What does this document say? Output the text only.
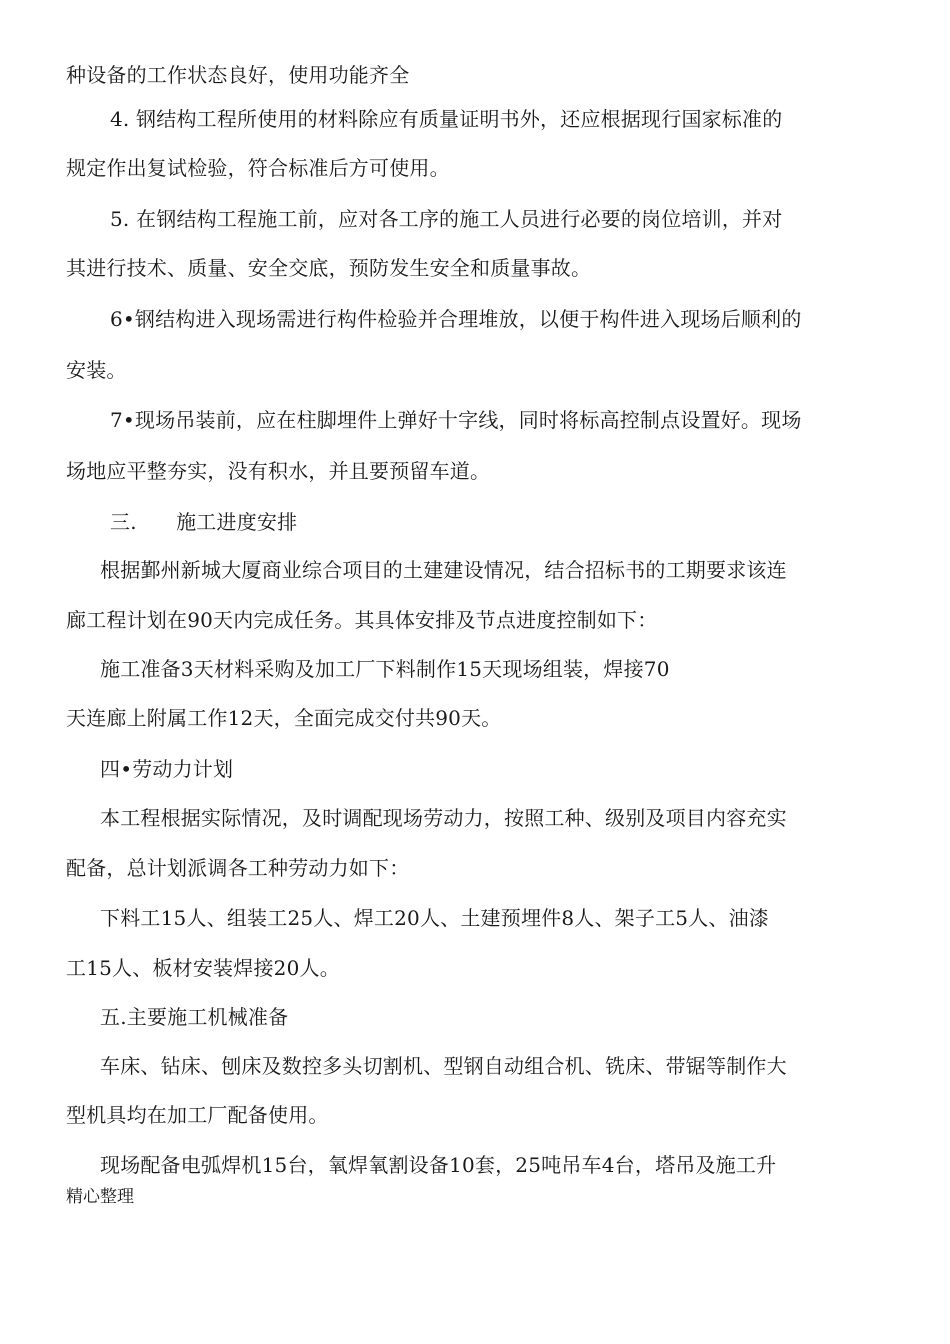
种设备的工作状态良好，使用功能齐全
4. 钢结构工程所使用的材料除应有质量证明书外，还应根据现行国家标准的
规定作出复试检验，符合标准后方可使用。
5. 在钢结构工程施工前，应对各工序的施工人员进行必要的岗位培训，并对
其进行技术、质量、安全交底，预防发生安全和质量事故。
6•钢结构进入现场需进行构件检验并合理堆放，以便于构件进入现场后顺利的
安装。
7•现场吊装前，应在柱脚埋件上弹好十字线，同时将标高控制点设置好。现场
场地应平整夯实，没有积水，并且要预留车道。
三.      施工进度安排
根据鄞州新城大厦商业综合项目的土建建设情况，结合招标书的工期要求该连
廊工程计划在90天内完成任务。其具体安排及节点进度控制如下：
施工准备3天材料采购及加工厂下料制作15天现场组装，焊接70
天连廊上附属工作12天，全面完成交付共90天。
四•劳动力计划
本工程根据实际情况，及时调配现场劳动力，按照工种、级别及项目内容充实
配备，总计划派调各工种劳动力如下：
下料工15人、组装工25人、焊工20人、土建预埋件8人、架子工5人、油漆
工15人、板材安装焊接20人。
五.主要施工机械准备
车床、钻床、刨床及数控多头切割机、型钢自动组合机、铣床、带锯等制作大
型机具均在加工厂配备使用。
现场配备电弧焊机15台，氧焊氧割设备10套，25吨吊车4台，塔吊及施工升
精心整理
